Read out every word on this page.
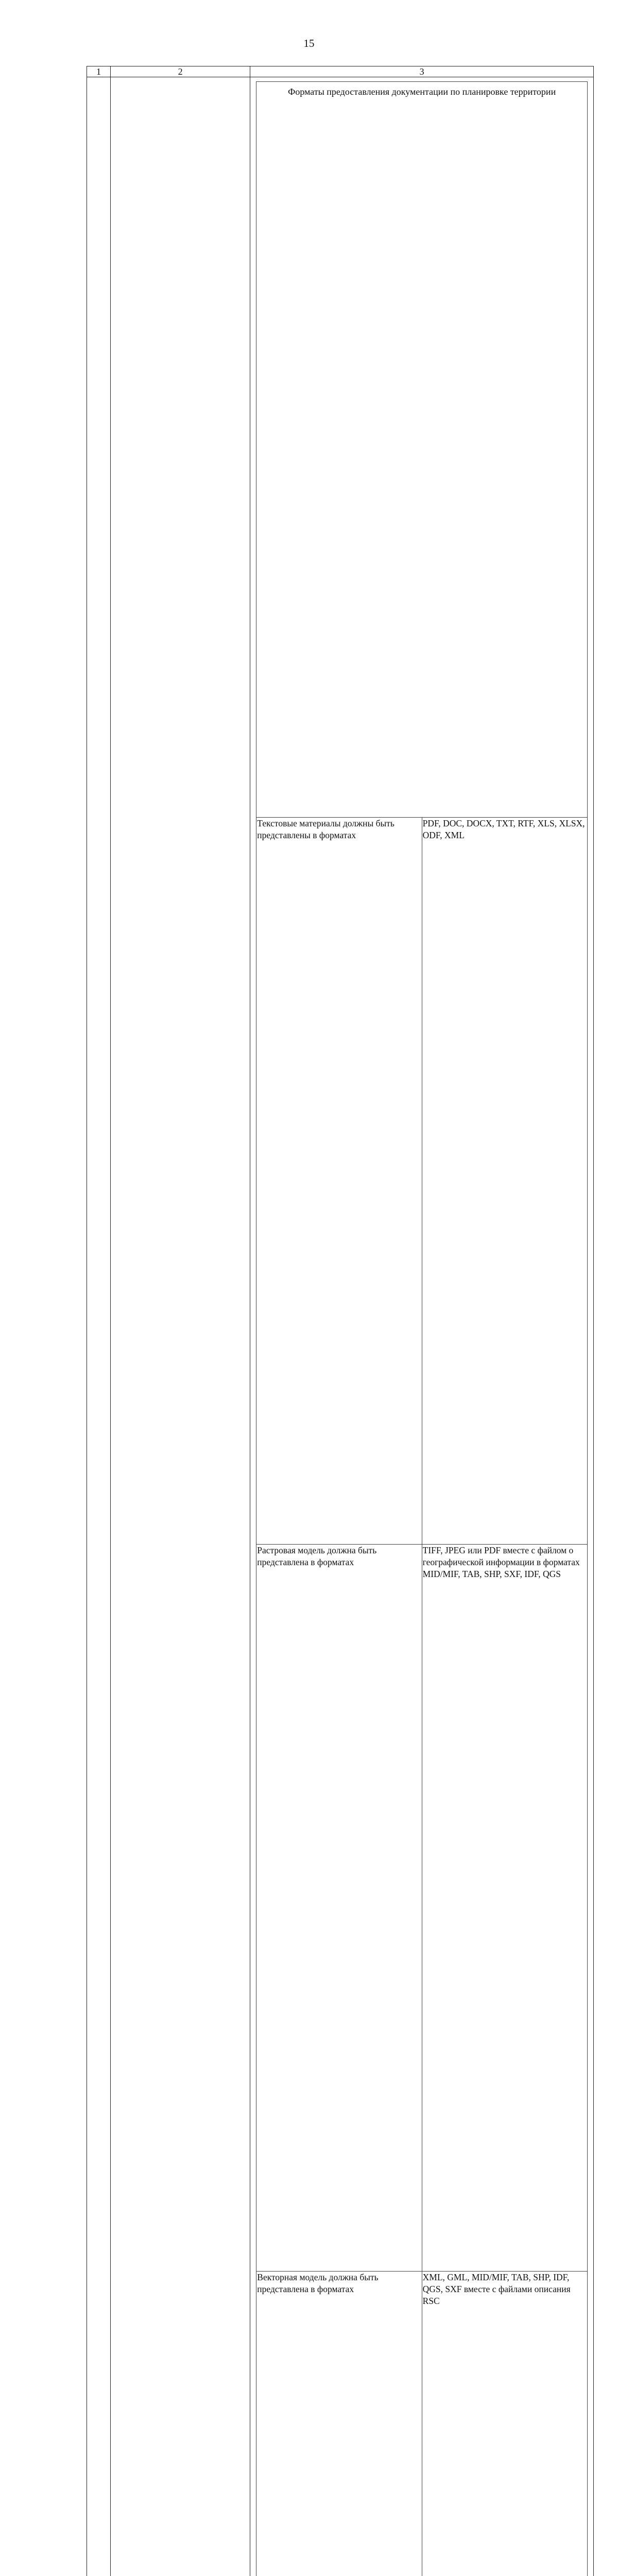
15
1	2	3

Форматы предоставления документации по планировке территории
Текстовые материалы должны быть представлены в форматах	PDF, DOC, DOCX, TXT, RTF, XLS, XLSX, ODF, XML
Растровая модель должна быть представлена в форматах	TIFF, JPEG или PDF вместе с файлом о географической информации в форматах MID/MIF, TAB, SHP, SXF, IDF, QGS
Векторная модель должна быть представлена в форматах	XML, GML, MID/MIF, TAB, SHP, IDF, QGS, SXF вместе с файлами описания RSC
